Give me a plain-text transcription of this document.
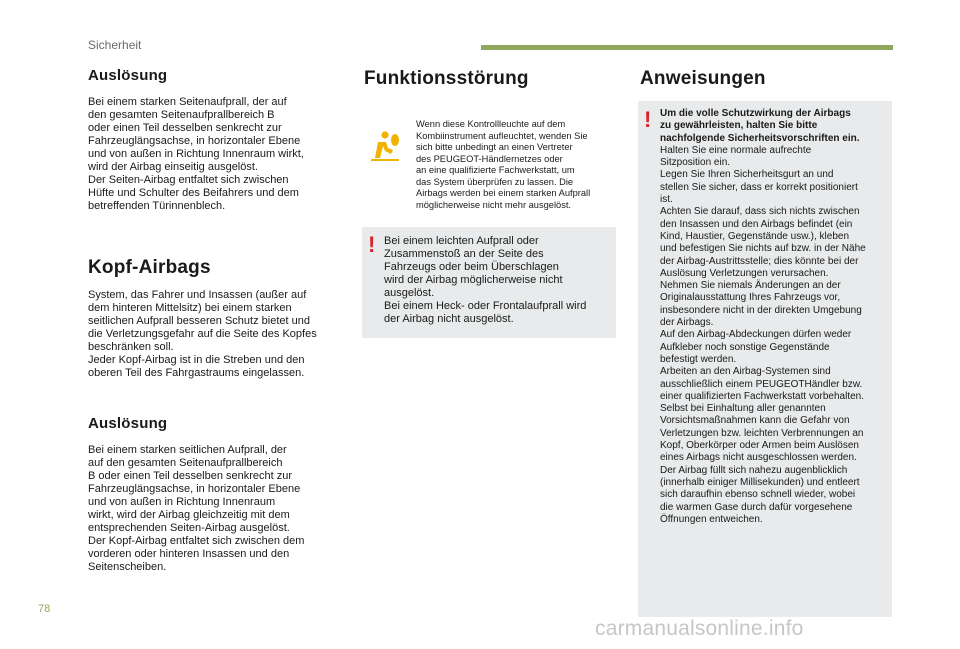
Sicherheit
Auslösung

Bei einem starken Seitenaufprall, der auf
den gesamten Seitenaufprallbereich B
oder einen Teil desselben senkrecht zur
Fahrzeuglängsachse, in horizontaler Ebene
und von außen in Richtung Innenraum wirkt,
wird der Airbag einseitig ausgelöst.
Der Seiten-Airbag entfaltet sich zwischen
Hüfte und Schulter des Beifahrers und dem
betreffenden Türinnenblech.

Kopf-Airbags

System, das Fahrer und Insassen (außer auf
dem hinteren Mittelsitz) bei einem starken
seitlichen Aufprall besseren Schutz bietet und
die Verletzungsgefahr auf die Seite des Kopfes
beschränken soll.
Jeder Kopf-Airbag ist in die Streben und den
oberen Teil des Fahrgastraums eingelassen.

Auslösung

Bei einem starken seitlichen Aufprall, der
auf den gesamten Seitenaufprallbereich
B oder einen Teil desselben senkrecht zur
Fahrzeuglängsachse, in horizontaler Ebene
und von außen in Richtung Innenraum
wirkt, wird der Airbag gleichzeitig mit dem
entsprechenden Seiten-Airbag ausgelöst.
Der Kopf-Airbag entfaltet sich zwischen dem
vorderen oder hinteren Insassen und den
Seitenscheiben.

Funktionsstörung

Wenn diese Kontrollleuchte auf dem
Kombiinstrument aufleuchtet, wenden Sie
sich bitte unbedingt an einen Vertreter
des PEUGEOT-Händlernetzes oder
an eine qualifizierte Fachwerkstatt, um
das System überprüfen zu lassen. Die
Airbags werden bei einem starken Aufprall
möglicherweise nicht mehr ausgelöst.

! Bei einem leichten Aufprall oder
Zusammenstoß an der Seite des
Fahrzeugs oder beim Überschlagen
wird der Airbag möglicherweise nicht
ausgelöst.
Bei einem Heck- oder Frontalaufprall wird
der Airbag nicht ausgelöst.

Anweisungen
! Um die volle Schutzwirkung der Airbags
zu gewährleisten, halten Sie bitte
nachfolgende Sicherheitsvorschriften ein.

Halten Sie eine normale aufrechte
Sitzposition ein.
Legen Sie Ihren Sicherheitsgurt an und
stellen Sie sicher, dass er korrekt positioniert
ist.
Achten Sie darauf, dass sich nichts zwischen
den Insassen und den Airbags befindet (ein
Kind, Haustier, Gegenstände usw.), kleben
und befestigen Sie nichts auf bzw. in der Nähe
der Airbag-Austrittsstelle; dies könnte bei der
Auslösung Verletzungen verursachen.
Nehmen Sie niemals Änderungen an der
Originalausstattung Ihres Fahrzeugs vor,
insbesondere nicht in der direkten Umgebung
der Airbags.
Auf den Airbag-Abdeckungen dürfen weder
Aufkleber noch sonstige Gegenstände
befestigt werden.
Arbeiten an den Airbag-Systemen sind
ausschließlich einem PEUGEOTHändler bzw.
einer qualifizierten Fachwerkstatt vorbehalten.
Selbst bei Einhaltung aller genannten
Vorsichtsmaßnahmen kann die Gefahr von
Verletzungen bzw. leichten Verbrennungen an
Kopf, Oberkörper oder Armen beim Auslösen
eines Airbags nicht ausgeschlossen werden.
Der Airbag füllt sich nahezu augenblicklich
(innerhalb einiger Millisekunden) und entleert
sich daraufhin ebenso schnell wieder, wobei
die warmen Gase durch dafür vorgesehene
Öffnungen entweichen.

78
carmanualsonline.info
